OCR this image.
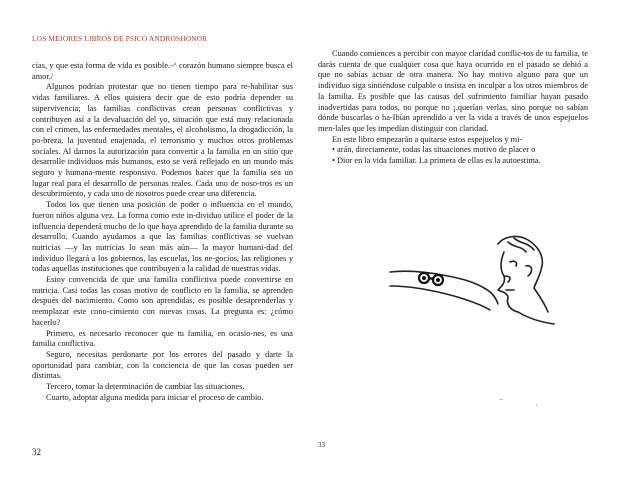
LOS MEJORES LIBROS DE PSICO ANDROSHONOR

cías, y que esta forma de vida es posible.-^ corazón humano siempre busca el amor./

Algunos podrían protestar que no tienen tiempo para re-habilitar sus vidas familiares. A ellos quisiera decir que de esto podría depender su supervivencia; las familias conflictivas crean personas conflictivas y contribuyen así a la devaluación del yo, situación que está muy relacionada con el crimen, las enfermedades mentales, el alcoholismo, la drogadicción, la po-breza, la juventud enajenada, el terrorismo y muchos otros problemas sociales. Al darnos la autorización para convertir a la familia en un sitio que desarrolle individuos más humanos, esto se verá reflejado en un mundo más seguro y humana-mente responsivo. Podemos hacer que la familia sea un lugar real para el desarrollo de personas reales. Cada uno de noso-tros es un descubrimiento, y cada uno de nosotros puede crear una diferencia.

Todos los que tienen una posición de poder o influencia en el mundo, fueron niños alguna vez. La forma como este in-dividuo utilice el poder de la influencia dependerá mucho de lo que haya aprendido de la familia durante su desarrollo. Cuando ayudamos a que las familias conflictivas se vuelvan nutricias —y las nutricias lo sean más aún— la mayor humani-dad del individuo llegará a los gobiernos, las escuelas, los ne-gocios, las religiones y todas aquellas instituciones que contribuyen a la calidad de nuestras vidas.

Estoy convencida de que una familia conflictiva puede convertirse en nutricia. Casi todas las cosas motivo de conflicto en la familia, se aprenden después del nacimiento. Como son aprendidas, es posible desaprenderlas y reemplazar este cono-cimiento con nuevas cosas. La pregunta es: ¿cómo hacerlo?

Primero, es necesario reconocer que tu familia, en ocasio-nes, es una familia conflictiva.

Seguro, necesitas perdonarte por los errores del pasado y darte la oportunidad para cambiar, con la conciencia de que las cosas pueden ser distintas.

Tercero, tomar la determinación de cambiar las situaciones.

Cuarto, adoptar alguna medida para iniciar el proceso de cambio.

32

Cuando comiences a percibir con mayor claridad conflic-tos de tu familia, te darás cuenta de que cualquier cosa que haya ocurrido en el pasado se debió a que no sabías actuar de otra manera. No hay motivo alguno para que un individuo siga sintiéndose culpable o insista en inculpar a los otros miembros de la familia. Es posible que las causas del sufrimiento familiar hayan pasado inadvertidas para todos, no porque no ¡.querían verlas, sino porque no sabían dónde buscarlas o ha-Ibían aprendido a ver la vida a través de unos espejuelos men-lales que les impedían distinguir con claridad.

En este libro empezarán a quitarse estos espejuelos y mi-

• arán, directamente, todas las situaciones motivo de placer o
• Dior en la vida familiar. La primera de ellas es la autoestima.
--
,
33
